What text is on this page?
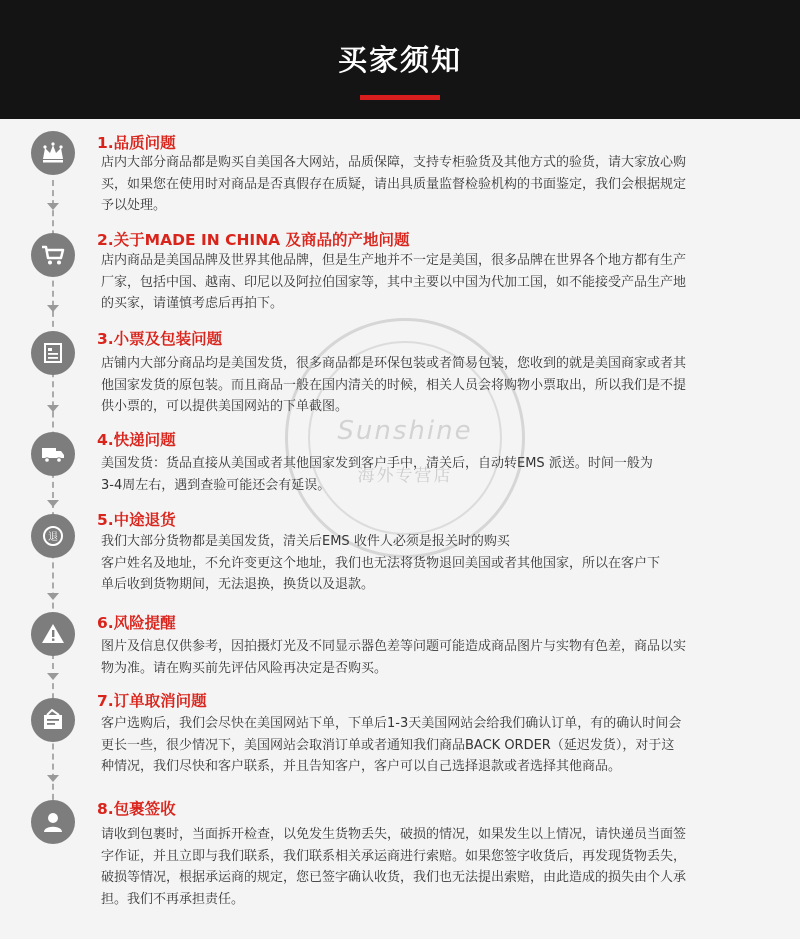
买家须知
1.品质问题
店内大部分商品都是购买自美国各大网站，品质保障，支持专柜验货及其他方式的验货，请大家放心购
买，如果您在使用时对商品是否真假存在质疑，请出具质量监督检验机构的书面鉴定，我们会根据规定
予以处理。
2.关于MADE IN CHINA 及商品的产地问题
店内商品是美国品牌及世界其他品牌，但是生产地并不一定是美国，很多品牌在世界各个地方都有生产
厂家，包括中国、越南、印尼以及阿拉伯国家等，其中主要以中国为代加工国，如不能接受产品生产地
的买家，请谨慎考虑后再拍下。
3.小票及包装问题
店铺内大部分商品均是美国发货，很多商品都是环保包装或者简易包装，您收到的就是美国商家或者其
他国家发货的原包装。而且商品一般在国内清关的时候，相关人员会将购物小票取出，所以我们是不提
供小票的，可以提供美国网站的下单截图。
4.快递问题
美国发货：货品直接从美国或者其他国家发到客户手中，清关后，自动转EMS 派送。时间一般为
3-4周左右，遇到查验可能还会有延误。
退
5.中途退货
我们大部分货物都是美国发货，清关后EMS 收件人必须是报关时的购买
客户姓名及地址，不允许变更这个地址，我们也无法将货物退回美国或者其他国家，所以在客户下
单后收到货物期间，无法退换，换货以及退款。
6.风险提醒
图片及信息仅供参考，因拍摄灯光及不同显示器色差等问题可能造成商品图片与实物有色差，商品以实
物为准。请在购买前先评估风险再决定是否购买。
7.订单取消问题
客户选购后，我们会尽快在美国网站下单，下单后1-3天美国网站会给我们确认订单，有的确认时间会
更长一些，很少情况下，美国网站会取消订单或者通知我们商品BACK ORDER（延迟发货），对于这
种情况，我们尽快和客户联系，并且告知客户，客户可以自己选择退款或者选择其他商品。
8.包裹签收
请收到包裹时，当面拆开检查，以免发生货物丢失，破损的情况，如果发生以上情况，请快递员当面签
字作证，并且立即与我们联系，我们联系相关承运商进行索赔。如果您签字收货后，再发现货物丢失，
破损等情况，根据承运商的规定，您已签字确认收货，我们也无法提出索赔，由此造成的损失由个人承
担。我们不再承担责任。
Sunshine
海外专营店
